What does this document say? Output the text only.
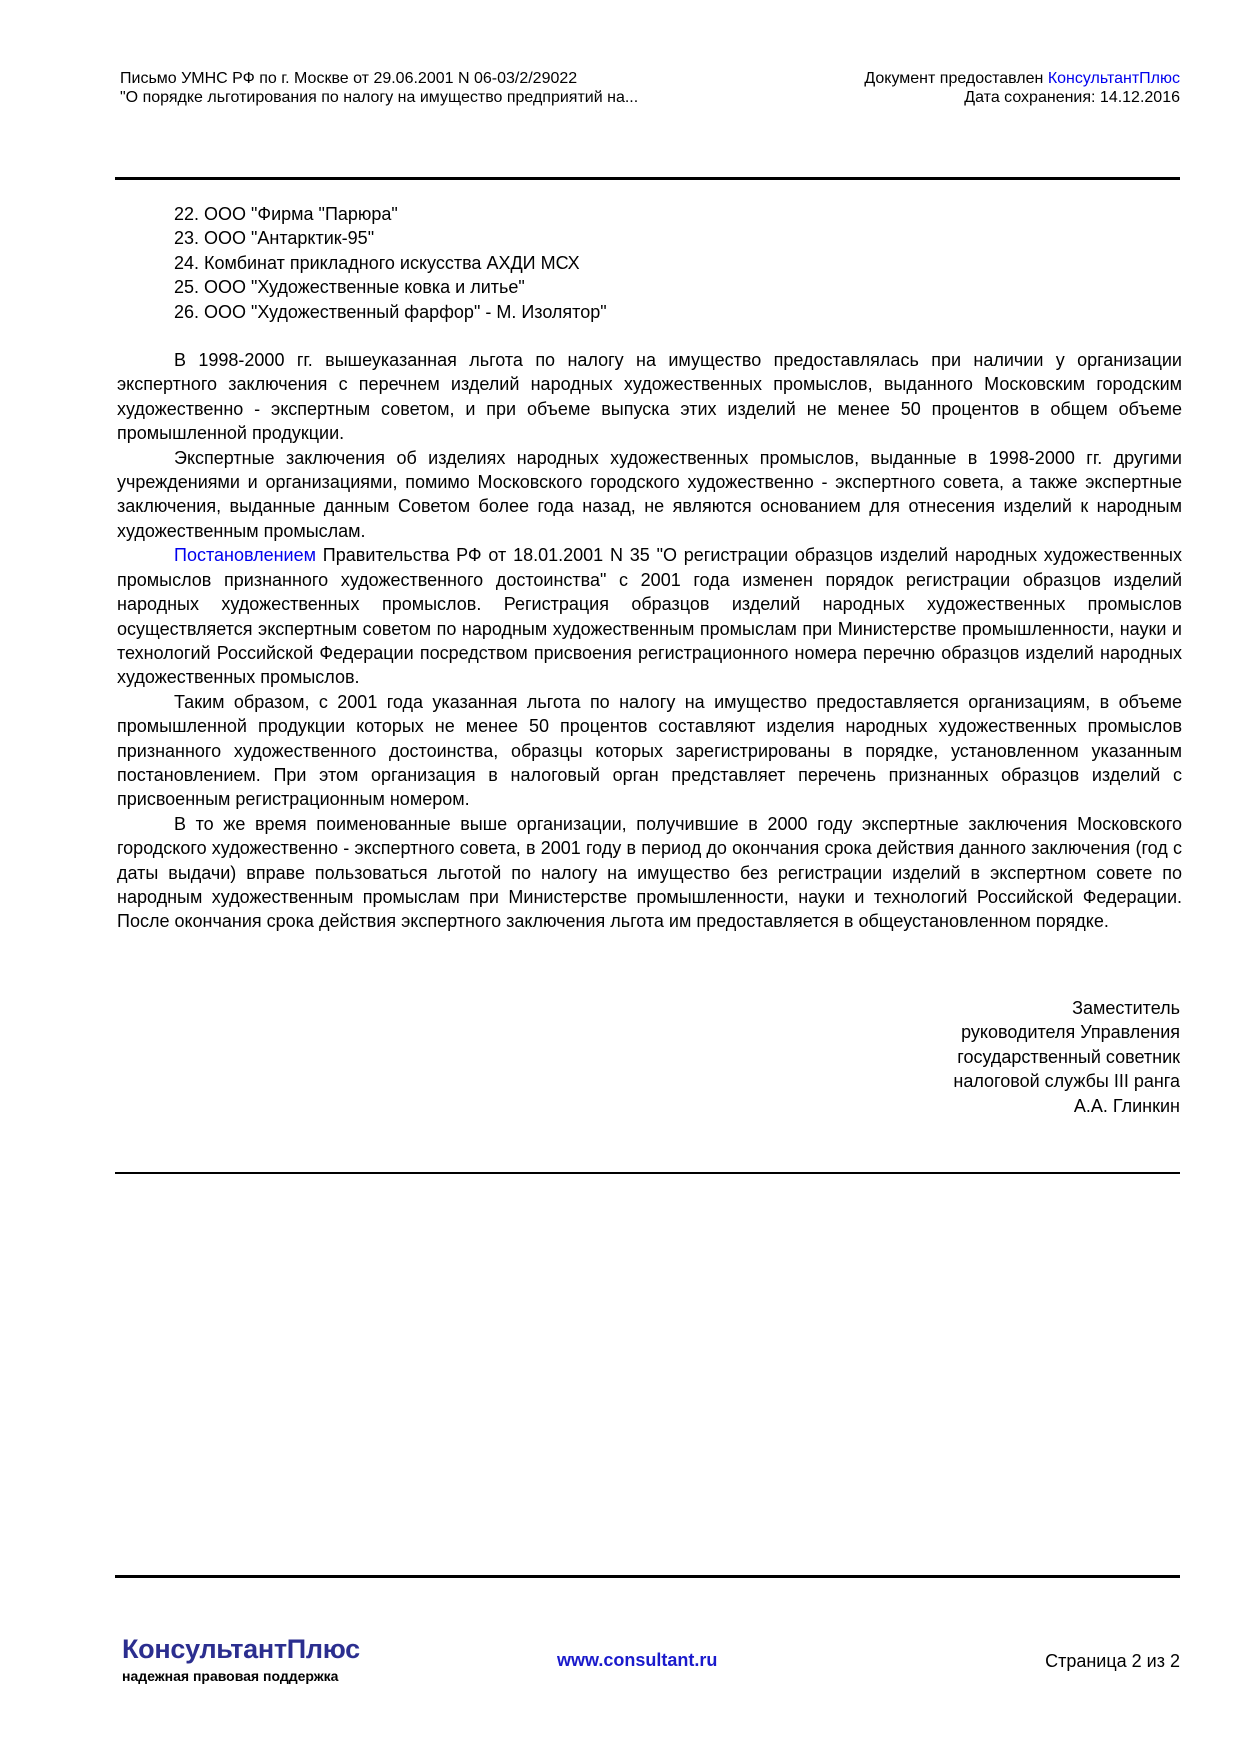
Письмо УМНС РФ по г. Москве от 29.06.2001 N 06-03/2/29022
"О порядке льготирования по налогу на имущество предприятий на...
Документ предоставлен КонсультантПлюс
Дата сохранения: 14.12.2016
22. ООО "Фирма "Парюра"
23. ООО "Антарктик-95"
24. Комбинат прикладного искусства АХДИ МСХ
25. ООО "Художественные ковка и литье"
26. ООО "Художественный фарфор" - М. Изолятор"

В 1998-2000 гг. вышеуказанная льгота по налогу на имущество предоставлялась при наличии у организации экспертного заключения с перечнем изделий народных художественных промыслов, выданного Московским городским художественно - экспертным советом, и при объеме выпуска этих изделий не менее 50 процентов в общем объеме промышленной продукции.

Экспертные заключения об изделиях народных художественных промыслов, выданные в 1998-2000 гг. другими учреждениями и организациями, помимо Московского городского художественно - экспертного совета, а также экспертные заключения, выданные данным Советом более года назад, не являются основанием для отнесения изделий к народным художественным промыслам.

Постановлением Правительства РФ от 18.01.2001 N 35 "О регистрации образцов изделий народных художественных промыслов признанного художественного достоинства" с 2001 года изменен порядок регистрации образцов изделий народных художественных промыслов. Регистрация образцов изделий народных художественных промыслов осуществляется экспертным советом по народным художественным промыслам при Министерстве промышленности, науки и технологий Российской Федерации посредством присвоения регистрационного номера перечню образцов изделий народных художественных промыслов.

Таким образом, с 2001 года указанная льгота по налогу на имущество предоставляется организациям, в объеме промышленной продукции которых не менее 50 процентов составляют изделия народных художественных промыслов признанного художественного достоинства, образцы которых зарегистрированы в порядке, установленном указанным постановлением. При этом организация в налоговый орган представляет перечень признанных образцов изделий с присвоенным регистрационным номером.

В то же время поименованные выше организации, получившие в 2000 году экспертные заключения Московского городского художественно - экспертного совета, в 2001 году в период до окончания срока действия данного заключения (год с даты выдачи) вправе пользоваться льготой по налогу на имущество без регистрации изделий в экспертном совете по народным художественным промыслам при Министерстве промышленности, науки и технологий Российской Федерации. После окончания срока действия экспертного заключения льгота им предоставляется в общеустановленном порядке.

Заместитель
руководителя Управления
государственный советник
налоговой службы III ранга
А.А. Глинкин
КонсультантПлюс
надежная правовая поддержка
www.consultant.ru	Страница 2 из 2
